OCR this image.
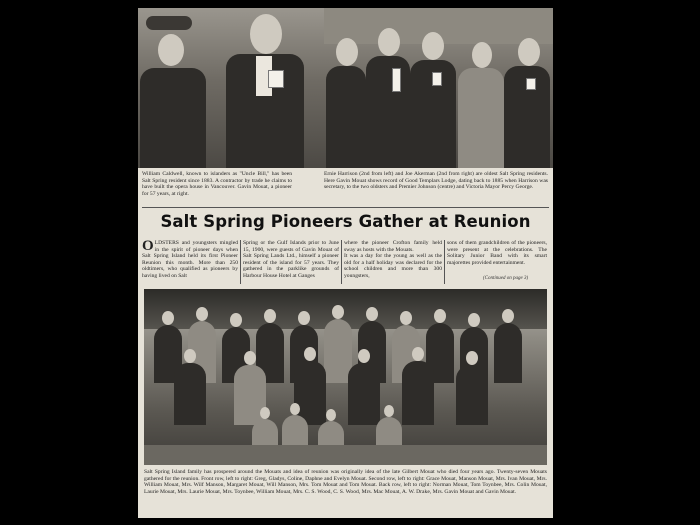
William Caldwell, known to islanders as "Uncle Bill," has been Salt Spring resident since 1883. A contractor by trade he claims to have built the opera house in Vancouver. Gavin Mouat, a pioneer for 57 years, at right.
Ernie Harrison (2nd from left) and Joe Akerman (2nd from right) are oldest Salt Spring residents. Here Gavin Mouat shows record of Good Templars Lodge, dating back to 1885 when Harrison was secretary, to the two oldsters and Premier Johnson (centre) and Victoria Mayor Percy George.
Salt Spring Pioneers Gather at Reunion
OLDSTERS and youngsters mingled in the spirit of pioneer days when Salt Spring Island held its first Pioneer Reunion this month. More than 250 oldtimers, who qualified as pioneers by having lived on Salt
Spring or the Gulf Islands prior to June 15, 1900, were guests of Gavin Mouat of Salt Spring Lands Ltd., himself a pioneer resident of the island for 57 years. They gathered in the parklike grounds of Harbour House Hotel at Ganges
where the pioneer Crofton family held sway as hosts with the Mouats.
It was a day for the young as well as the old for a half holiday was declared for the school children and more than 300 youngsters,
sons of them grandchildren of the pioneers, were present at the celebrations. The Solitary Junior Band with its smart majorettes provided entertainment.
(Continued on page 3)
Salt Spring Island family has prospered around the Mouats and idea of reunion was originally idea of the late Gilbert Mouat who died four years ago. Twenty-seven Mouats gathered for the reunion. Front row, left to right: Greg, Gladys, Coline, Daphne and Evelyn Mouat. Second row, left to right: Grace Mouat, Manson Mouat, Mrs. Ivan Mouat, Mrs. William Mouat, Mrs. Wilf Manson, Margaret Mouat, Will Manson, Mrs. Tom Mouat and Tom Mouat. Back row, left to right: Norman Mouat, Tom Toynbee, Mrs. Colin Mouat, Laurie Mouat, Mrs. Laurie Mouat, Mrs. Toynbee, William Mouat, Mrs. C. S. Wood, C. S. Wood, Mrs. Mac Mouat, A. W. Drake, Mrs. Gavin Mouat and Gavin Mouat.
